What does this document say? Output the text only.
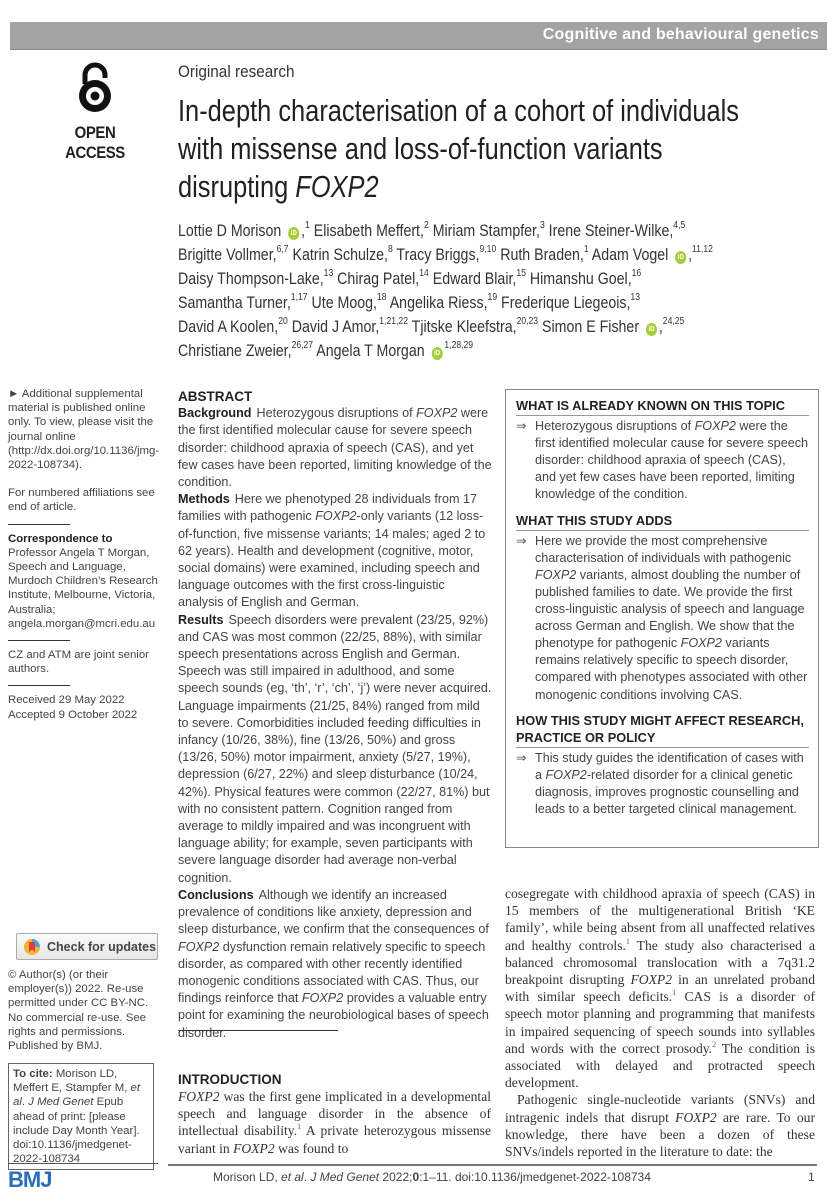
Cognitive and behavioural genetics
OPEN ACCESS
Original research
In-depth characterisation of a cohort of individuals
with missense and loss-of-function variants
disrupting FOXP2
Lottie D Morison iD ,$^1$ Elisabeth Meffert,$^2$ Miriam Stampfer,$^3$ Irene Steiner-Wilke,$^{4,5}$
Brigitte Vollmer,$^{6,7}$ Katrin Schulze,$^8$ Tracy Briggs,$^{9,10}$ Ruth Braden,$^1$ Adam Vogel iD ,$^{11,12}$
Daisy Thompson-Lake,$^{13}$ Chirag Patel,$^{14}$ Edward Blair,$^{15}$ Himanshu Goel,$^{16}$
Samantha Turner,$^{1,17}$ Ute Moog,$^{18}$ Angelika Riess,$^{19}$ Frederique Liegeois,$^{13}$
David A Koolen,$^{20}$ David J Amor,$^{1,21,22}$ Tjitske Kleefstra,$^{20,23}$ Simon E Fisher iD ,$^{24,25}$
Christiane Zweier,$^{26,27}$ Angela T Morgan iD$^{1,28,29}$

► Additional supplemental material is published online only. To view, please visit the journal online (http://dx.doi.org/10.1136/jmg-2022-108734).

For numbered affiliations see end of article.

Correspondence to

Professor Angela T Morgan, Speech and Language, Murdoch Children’s Research Institute, Melbourne, Victoria, Australia; angela.morgan@mcri.edu.au

CZ and ATM are joint senior authors.

Received 29 May 2022

Accepted 9 October 2022

Check for updates
© Author(s) (or their employer(s)) 2022. Re-use permitted under CC BY-NC. No commercial re-use. See rights and permissions. Published by BMJ.
To cite: Morison LD, Meffert E, Stampfer M, et al. J Med Genet Epub ahead of print: [please include Day Month Year]. doi:10.1136/jmedgenet-2022-108734
BMJ
ABSTRACT

Background Heterozygous disruptions of FOXP2 were the first identified molecular cause for severe speech disorder: childhood apraxia of speech (CAS), and yet few cases have been reported, limiting knowledge of the condition.

Methods Here we phenotyped 28 individuals from 17 families with pathogenic FOXP2-only variants (12 loss-of-function, five missense variants; 14 males; aged 2 to 62 years). Health and development (cognitive, motor, social domains) were examined, including speech and language outcomes with the first cross-linguistic analysis of English and German.

Results Speech disorders were prevalent (23/25, 92%) and CAS was most common (22/25, 88%), with similar speech presentations across English and German. Speech was still impaired in adulthood, and some speech sounds (eg, ‘th’, ‘r’, ‘ch’, ‘j’) were never acquired. Language impairments (21/25, 84%) ranged from mild to severe. Comorbidities included feeding difficulties in infancy (10/26, 38%), fine (13/26, 50%) and gross (13/26, 50%) motor impairment, anxiety (5/27, 19%), depression (6/27, 22%) and sleep disturbance (10/24, 42%). Physical features were common (22/27, 81%) but with no consistent pattern. Cognition ranged from average to mildly impaired and was incongruent with language ability; for example, seven participants with severe language disorder had average non-verbal cognition.

Conclusions Although we identify an increased prevalence of conditions like anxiety, depression and sleep disturbance, we confirm that the consequences of FOXP2 dysfunction remain relatively specific to speech disorder, as compared with other recently identified monogenic conditions associated with CAS. Thus, our findings reinforce that FOXP2 provides a valuable entry point for examining the neurobiological bases of speech disorder.

INTRODUCTION

FOXP2 was the first gene implicated in a developmental speech and language disorder in the absence of intellectual disability.$^1$ A private heterozygous missense variant in FOXP2 was found to

WHAT IS ALREADY KNOWN ON THIS TOPIC
⇒ Heterozygous disruptions of FOXP2 were the first identified molecular cause for severe speech disorder: childhood apraxia of speech (CAS), and yet few cases have been reported, limiting knowledge of the condition.
WHAT THIS STUDY ADDS
⇒ Here we provide the most comprehensive characterisation of individuals with pathogenic FOXP2 variants, almost doubling the number of published families to date. We provide the first cross-linguistic analysis of speech and language across German and English. We show that the phenotype for pathogenic FOXP2 variants remains relatively specific to speech disorder, compared with phenotypes associated with other monogenic conditions involving CAS.
HOW THIS STUDY MIGHT AFFECT RESEARCH, PRACTICE OR POLICY
⇒ This study guides the identification of cases with a FOXP2-related disorder for a clinical genetic diagnosis, improves prognostic counselling and leads to a better targeted clinical management.

cosegregate with childhood apraxia of speech (CAS) in 15 members of the multigenerational British ‘KE family’, while being absent from all unaffected relatives and healthy controls.$^1$ The study also characterised a balanced chromosomal translocation with a 7q31.2 breakpoint disrupting FOXP2 in an unrelated proband with similar speech deficits.$^1$ CAS is a disorder of speech motor planning and programming that manifests in impaired sequencing of speech sounds into syllables and words with the correct prosody.$^2$ The condition is associated with delayed and protracted speech development.

Pathogenic single-nucleotide variants (SNVs) and intragenic indels that disrupt FOXP2 are rare. To our knowledge, there have been a dozen of these SNVs/indels reported in the literature to date: the

Morison LD, et al. J Med Genet 2022;0:1–11. doi:10.1136/jmedgenet-2022-108734	1
